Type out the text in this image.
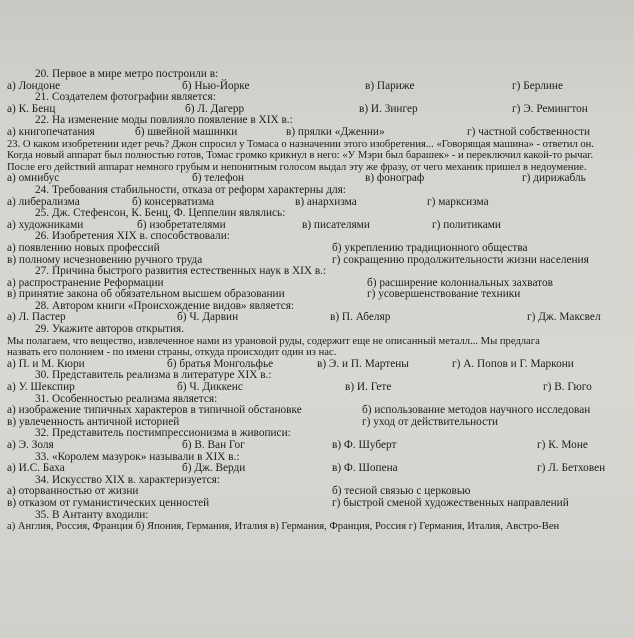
20. Первое в мире метро построили в:
а) Лондоне	б) Нью-Йорке	в) Париже	г) Берлине
21. Создателем фотографии является:
а) К. Бенц	б) Л. Дагерр	в) И. Зингер	г) Э. Ремингтон
22. На изменение моды повлияло появление в XIX в.:
а) книгопечатания	б) швейной машинки	в) прялки «Дженни»	г) частной собственности
23. О каком изобретении идет речь? Джон спросил у Томаса о назначении этого изобретения... «Говорящая машина» - ответил он.
Когда новый аппарат был полностью готов, Томас громко крикнул в него: «У Мэри был барашек» - и переключил какой-то рычаг.
После его действий аппарат немного грубым и непонятным голосом выдал эту же фразу, от чего механик пришел в недоумение.
а) омнибус	б) телефон	в) фонограф	г) дирижабль
24. Требования стабильности, отказа от реформ характерны для:
а) либерализма	б) консерватизма	в) анархизма	г) марксизма
25. Дж. Стефенсон, К. Бенц, Ф. Цеппелин являлись:
а) художниками	б) изобретателями	в) писателями	г) политиками
26. Изобретения XIX в. способствовали:
а) появлению новых профессий	б) укреплению традиционного общества
в) полному исчезновению ручного труда	г) сокращению продолжительности жизни населения
27. Причина быстрого развития естественных наук в XIX в.:
а) распространение Реформации	б) расширение колониальных захватов
в) принятие закона об обязательном высшем образовании	г) усовершенствование техники
28. Автором книги «Происхождение видов» является:
а) Л. Пастер	б) Ч. Дарвин	в) П. Абеляр	г) Дж. Максвел
29. Укажите авторов открытия.
Мы полагаем, что вещество, извлеченное нами из урановой руды, содержит еще не описанный металл... Мы предлага
назвать его полонием - по имени страны, откуда происходит один из нас.
а) П. и М. Кюри	б) братья Монгольфье	в) Э. и П. Мартены	г) А. Попов и Г. Маркони
30. Представитель реализма в литературе XIX в.:
а) У. Шекспир	б) Ч. Диккенс	в) И. Гете	г) В. Гюго
31. Особенностью реализма является:
а) изображение типичных характеров в типичной обстановке	б) использование методов научного исследован
в) увлеченность античной историей	г) уход от действительности
32. Представитель постимпрессионизма в живописи:
а) Э. Золя	б) В. Ван Гог	в) Ф. Шуберт	г) К. Моне
33. «Королем мазурок» называли в XIX в.:
а) И.С. Баха	б) Дж. Верди	в) Ф. Шопена	г) Л. Бетховен
34. Искусство XIX в. характеризуется:
а) оторванностью от жизни	б) тесной связью с церковью
в) отказом от гуманистических ценностей	г) быстрой сменой художественных направлений
35. В Антанту входили:
а) Англия, Россия, Франция б) Япония, Германия, Италия в) Германия, Франция, Россия г) Германия, Италия, Австро-Вен
